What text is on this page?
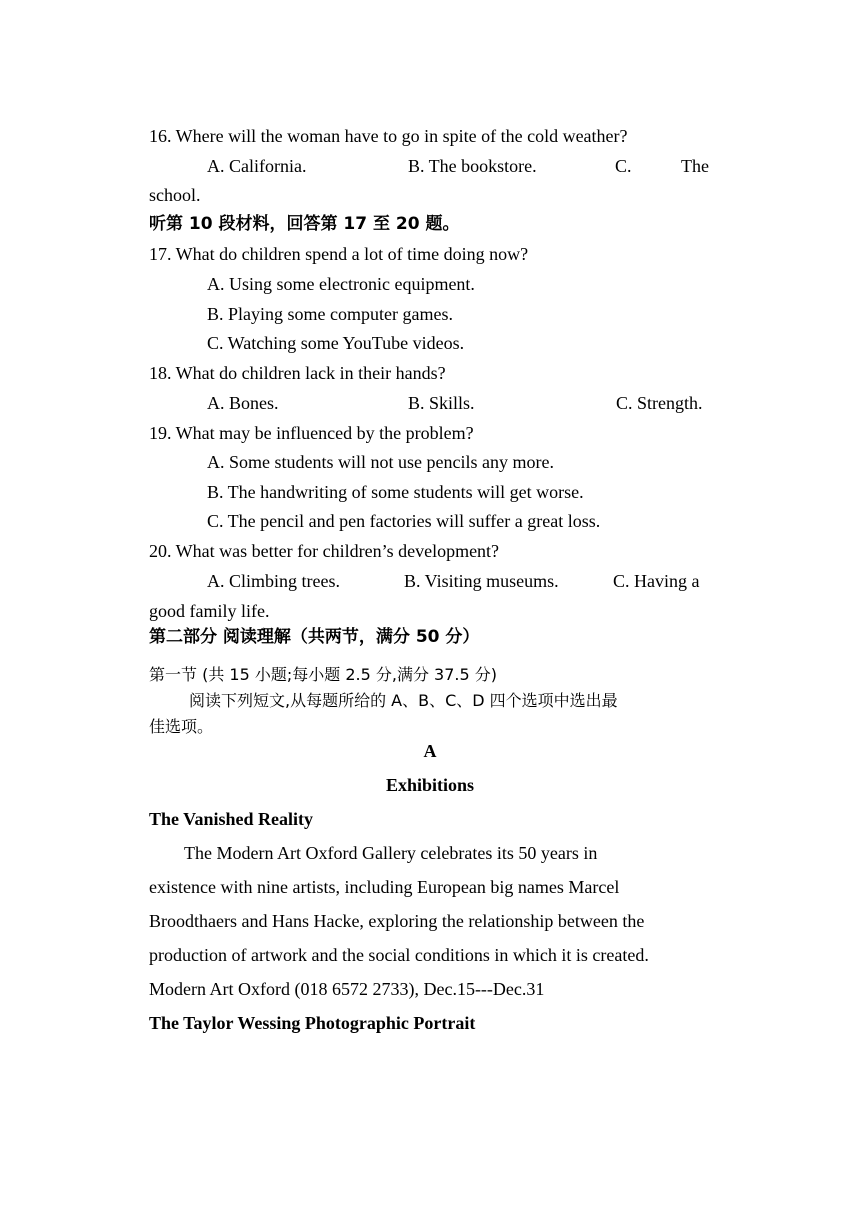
16. Where will the woman have to go in spite of the cold weather?
A. California.	B. The bookstore.	C.	The
school.
听第 10 段材料，回答第 17 至 20 题。
17. What do children spend a lot of time doing now?
A. Using some electronic equipment.
B. Playing some computer games.
C. Watching some YouTube videos.
18. What do children lack in their hands?
A. Bones.	B. Skills.	C. Strength.
19. What may be influenced by the problem?
A. Some students will not use pencils any more.
B. The handwriting of some students will get worse.
C. The pencil and pen factories will suffer a great loss.
20. What was better for children’s development?
A. Climbing trees.	B. Visiting museums.	C. Having a
good family life.
第二部分 阅读理解（共两节，满分 50 分）
第一节 (共 15 小题;每小题 2.5 分,满分 37.5 分)
阅读下列短文,从每题所给的 A、B、C、D 四个选项中选出最
佳选项。
A
Exhibitions
The Vanished Reality
The Modern Art Oxford Gallery celebrates its 50 years in
existence with nine artists, including European big names Marcel
Broodthaers and Hans Hacke, exploring the relationship between the
production of artwork and the social conditions in which it is created.
Modern Art Oxford (018 6572 2733), Dec.15---Dec.31
The Taylor Wessing Photographic Portrait
